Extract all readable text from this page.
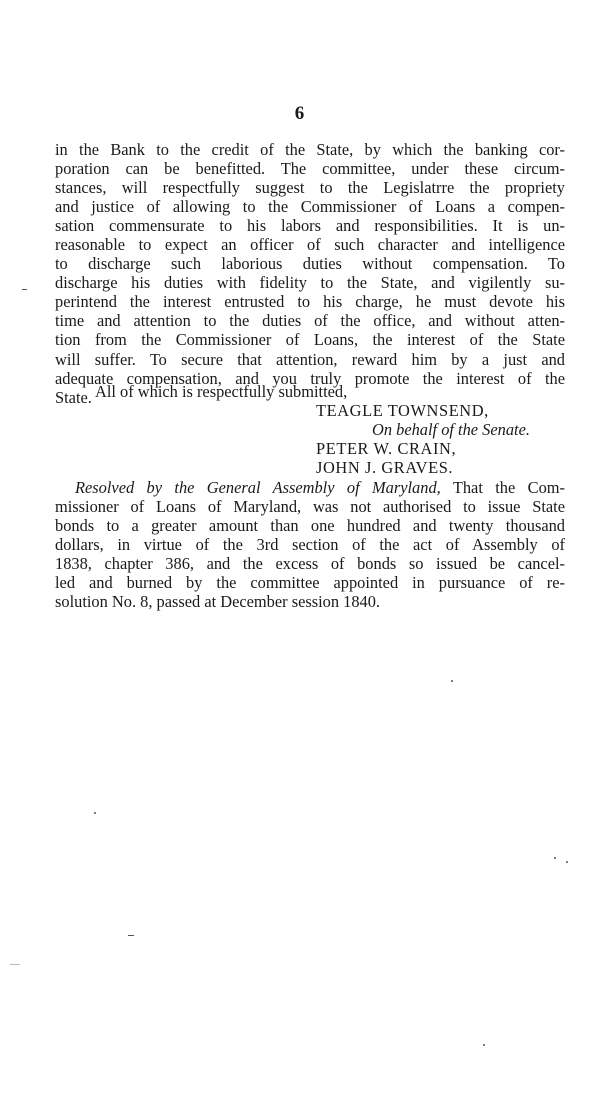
6
in the Bank to the credit of the State, by which the banking cor-
poration can be benefitted. The committee, under these circum-
stances, will respectfully suggest to the Legislatrre the propriety
and justice of allowing to the Commissioner of Loans a compen-
sation commensurate to his labors and responsibilities. It is un-
reasonable to expect an officer of such character and intelligence
to discharge such laborious duties without compensation. To
discharge his duties with fidelity to the State, and vigilently su-
perintend the interest entrusted to his charge, he must devote his
time and attention to the duties of the office, and without atten-
tion from the Commissioner of Loans, the interest of the State
will suffer. To secure that attention, reward him by a just and
adequate compensation, and you truly promote the interest of the
State. All of which is respectfully submitted,
TEAGLE TOWNSEND,
On behalf of the Senate.
PETER W. CRAIN,
JOHN J. GRAVES.
Resolved by the General Assembly of Maryland, That the Com-
missioner of Loans of Maryland, was not authorised to issue State
bonds to a greater amount than one hundred and twenty thousand
dollars, in virtue of the 3rd section of the act of Assembly of
1838, chapter 386, and the excess of bonds so issued be cancel-
led and burned by the committee appointed in pursuance of re-
solution No. 8, passed at December session 1840.
